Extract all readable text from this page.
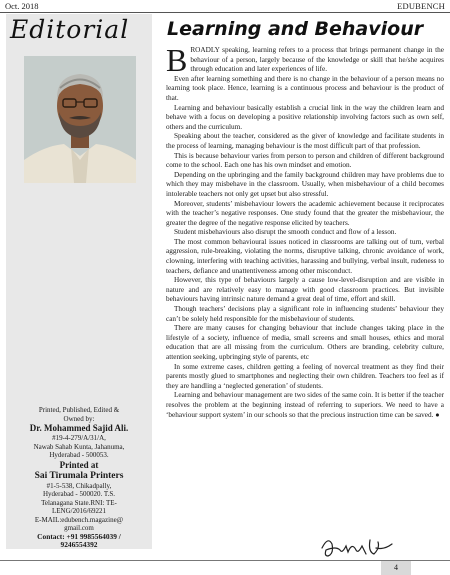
Oct. 2018	EDUBENCH
Editorial
Printed, Published, Edited &
Owned by:
Dr. Mohammed Sajid Ali.
#19-4-279/A/31/A,
Nawab Sahab Kunta, Jahanuma,
Hyderabad - 500053.
Printed at
Sai Tirumala Printers
#1-5-538, Chikadpally,
Hyderabad - 500020. T.S.
Telanagana State.RNI: TE-
LENG/2016/69221
E-MAIL:edubench.magazine@
gmail.com
Contact: +91 9985564039 /
9246554392
Learning and Behaviour

BROADLY speaking, learning refers to a process that brings permanent change in the behaviour of a person, largely because of the knowledge or skill that he/she acquires through education and later experiences of life.

Even after learning something and there is no change in the behaviour of a person means no learning took place. Hence, learning is a continuous process and behaviour is the product of that.

Learning and behaviour basically establish a crucial link in the way the children learn and behave with a focus on developing a positive relationship involving factors such as own self, others and the curriculum.

Speaking about the teacher, considered as the giver of knowledge and facilitate students in the process of learning, managing behaviour is the most difficult part of that profession.

This is because behaviour varies from person to person and children of different background come to the school. Each one has his own mindset and emotion.

Depending on the upbringing and the family background children may have problems due to which they may misbehave in the classroom. Usually, when misbehaviour of a child becomes intolerable teachers not only get upset but also stressful.

Moreover, students’ misbehaviour lowers the academic achievement because it reciprocates with the teacher’s negative responses. One study found that the greater the misbehaviour, the greater the degree of the negative response elicited by teachers.

Student misbehaviours also disrupt the smooth conduct and flow of a lesson.

The most common behavioural issues noticed in classrooms are talking out of turn, verbal aggression, rule-breaking, violating the norms, disruptive talking, chronic avoidance of work, clowning, interfering with teaching activities, harassing and bullying, verbal insult, rudeness to teachers, defiance and unattentiveness among other misconduct.

However, this type of behaviours largely a cause low-level-disruption and are visible in nature and are relatively easy to manage with good classroom practices. But invisible behaviours having intrinsic nature demand a great deal of time, effort and skill.

Though teachers’ decisions play a significant role in influencing students’ behaviour they can’t be solely held responsible for the misbehaviour of students.

There are many causes for changing behaviour that include changes taking place in the lifestyle of a society, influence of media, small screens and small houses, ethics and moral education that are all missing from the curriculum. Others are branding, celebrity culture, attention seeking, upbringing style of parents, etc

In some extreme cases, children getting a feeling of novercal treatment as they find their parents mostly glued to smartphones and neglecting their own children. Teachers too feel as if they are handling a ‘neglected generation’ of students.

Learning and behaviour management are two sides of the same coin. It is better if the teacher resolves the problem at the beginning instead of referring to superiors. We need to have a ‘behaviour support system’ in our schools so that the precious instruction time can be saved. ●

4
